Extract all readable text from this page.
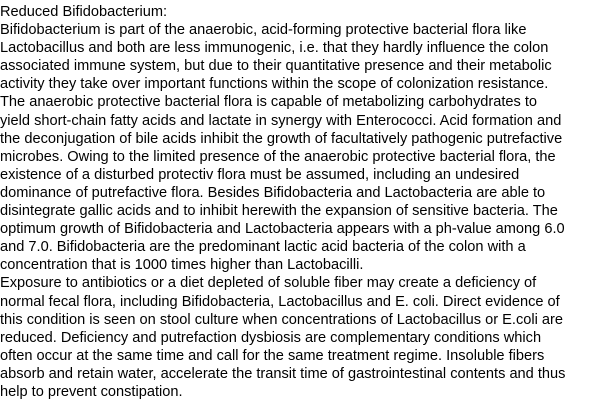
Reduced Bifidobacterium:
Bifidobacterium is part of the anaerobic, acid-forming protective bacterial flora like
Lactobacillus and both are less immunogenic, i.e. that they hardly influence the colon
associated immune system, but due to their quantitative presence and their metabolic
activity they take over important functions within the scope of colonization resistance.
The anaerobic protective bacterial flora is capable of metabolizing carbohydrates to
yield short-chain fatty acids and lactate in synergy with Enterococci. Acid formation and
the deconjugation of bile acids inhibit the growth of facultatively pathogenic putrefactive
microbes. Owing to the limited presence of the anaerobic protective bacterial flora, the
existence of a disturbed protectiv flora must be assumed, including an undesired
dominance of putrefactive flora. Besides Bifidobacteria and Lactobacteria are able to
disintegrate gallic acids and to inhibit herewith the expansion of sensitive bacteria. The
optimum growth of Bifidobacteria and Lactobacteria appears with a ph-value among 6.0
and 7.0. Bifidobacteria are the predominant lactic acid bacteria of the colon with a
concentration that is 1000 times higher than Lactobacilli.
Exposure to antibiotics or a diet depleted of soluble fiber may create a deficiency of
normal fecal flora, including Bifidobacteria, Lactobacillus and E. coli. Direct evidence of
this condition is seen on stool culture when concentrations of Lactobacillus or E.coli are
reduced. Deficiency and putrefaction dysbiosis are complementary conditions which
often occur at the same time and call for the same treatment regime. Insoluble fibers
absorb and retain water, accelerate the transit time of gastrointestinal contents and thus
help to prevent constipation.
